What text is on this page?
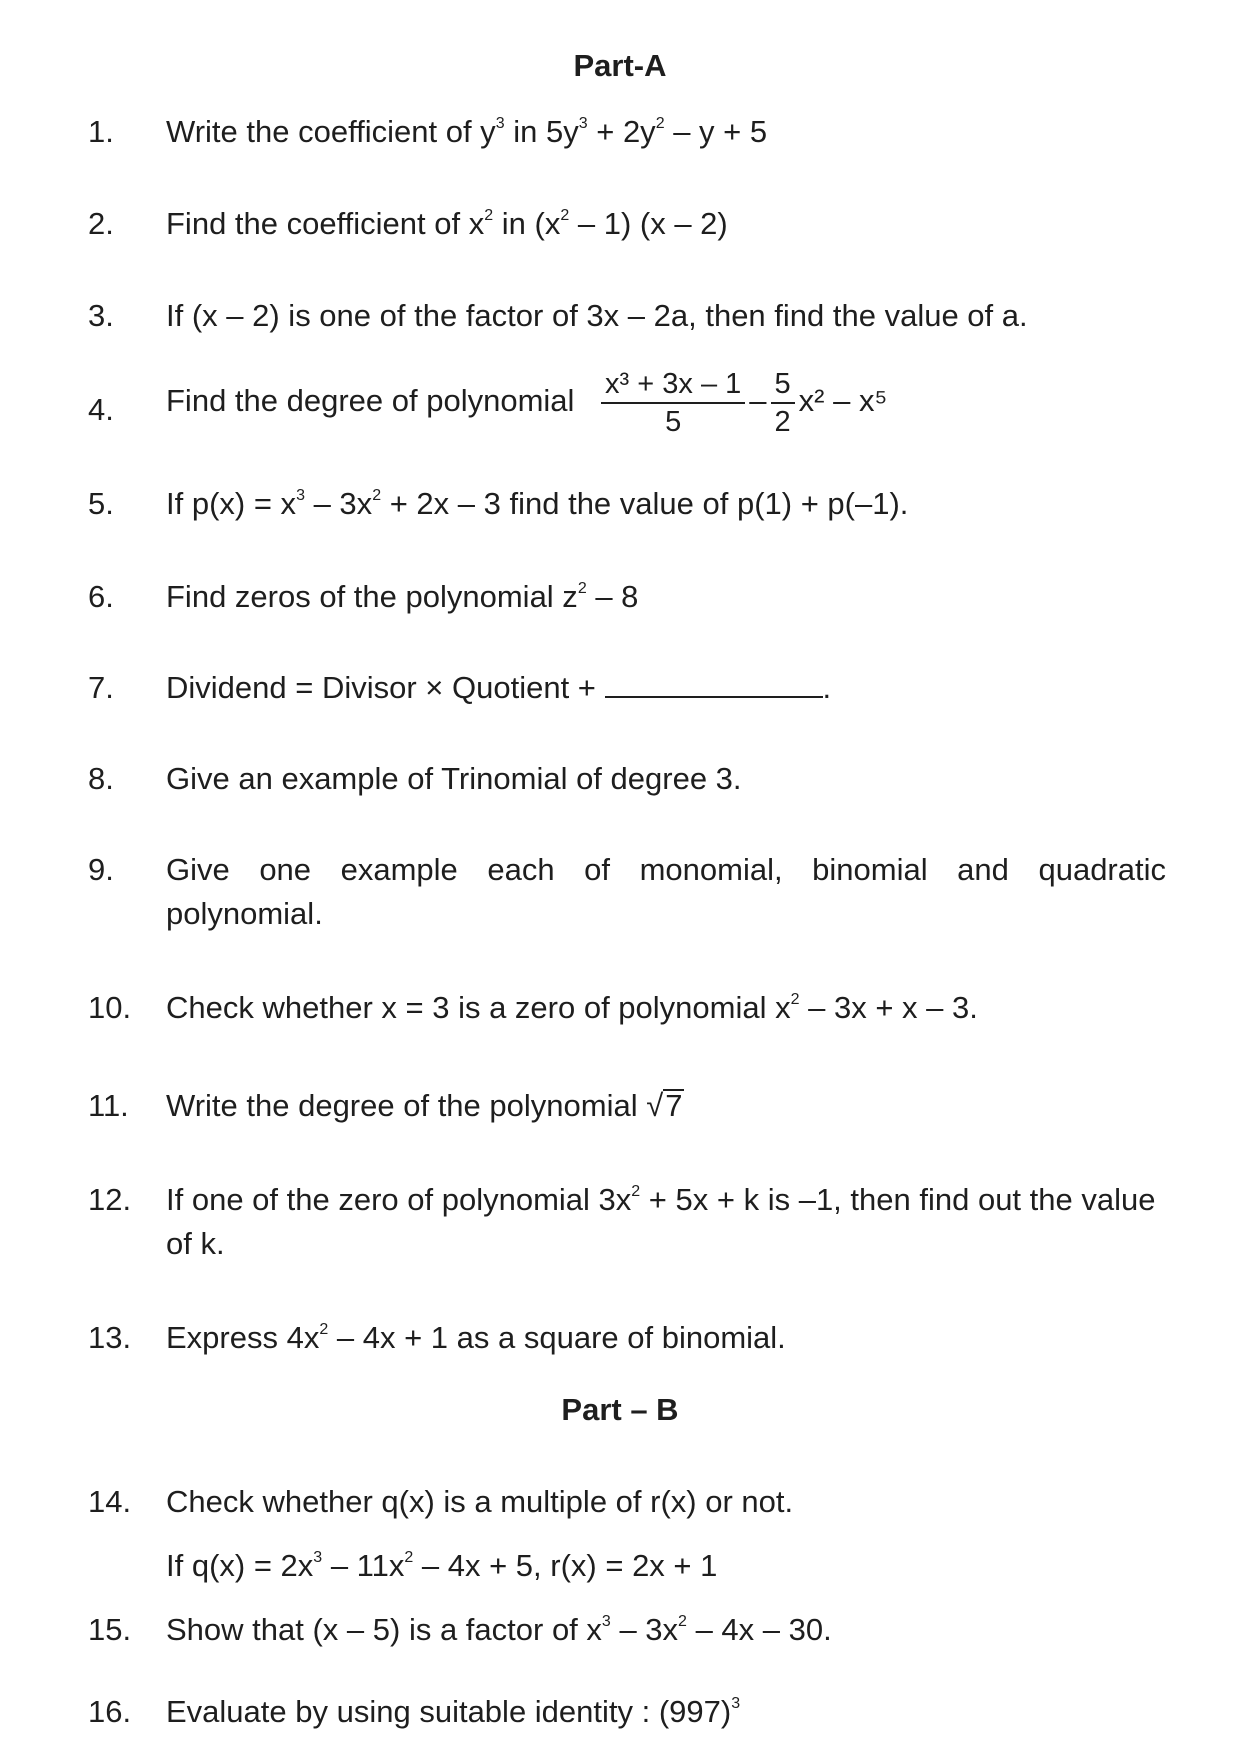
Part-A
1. Write the coefficient of $y^3$ in $5y^3 + 2y^2 - y + 5$
2. Find the coefficient of $x^2$ in $(x^2 - 1)$ (x – 2)
3. If (x – 2) is one of the factor of 3x – 2a, then find the value of a.
4. Find the degree of polynomial $\frac{\text{x³ + 3x – 1}}{5} - \frac{5}{2} x^2 - x^5$
5. If $p(x) = x^3 - 3x^2 + 2x - 3$ find the value of p(1) + p(–1).
6. Find zeros of the polynomial $z^2 - 8$
7. Dividend = Divisor × Quotient +	.
8. Give an example of Trinomial of degree 3.
9. Give one example each of monomial, binomial and quadratic polynomial.
10. Check whether x = 3 is a zero of polynomial $x^2 - 3x + x - 3$.
11. Write the degree of the polynomial √7
12. If one of the zero of polynomial $3x^2 + 5x + k$ is –1, then find out the value of k.
13. Express $4x^2 - 4x + 1$ as a square of binomial.
Part – B
14. Check whether q(x) is a multiple of r(x) or not.
If $q(x) = 2x^3 - 11x^2 - 4x + 5$, r(x) = 2x + 1
15. Show that (x – 5) is a factor of $x^3 - 3x^2 - 4x - 30$.
16. Evaluate by using suitable identity : $(997)^3$
